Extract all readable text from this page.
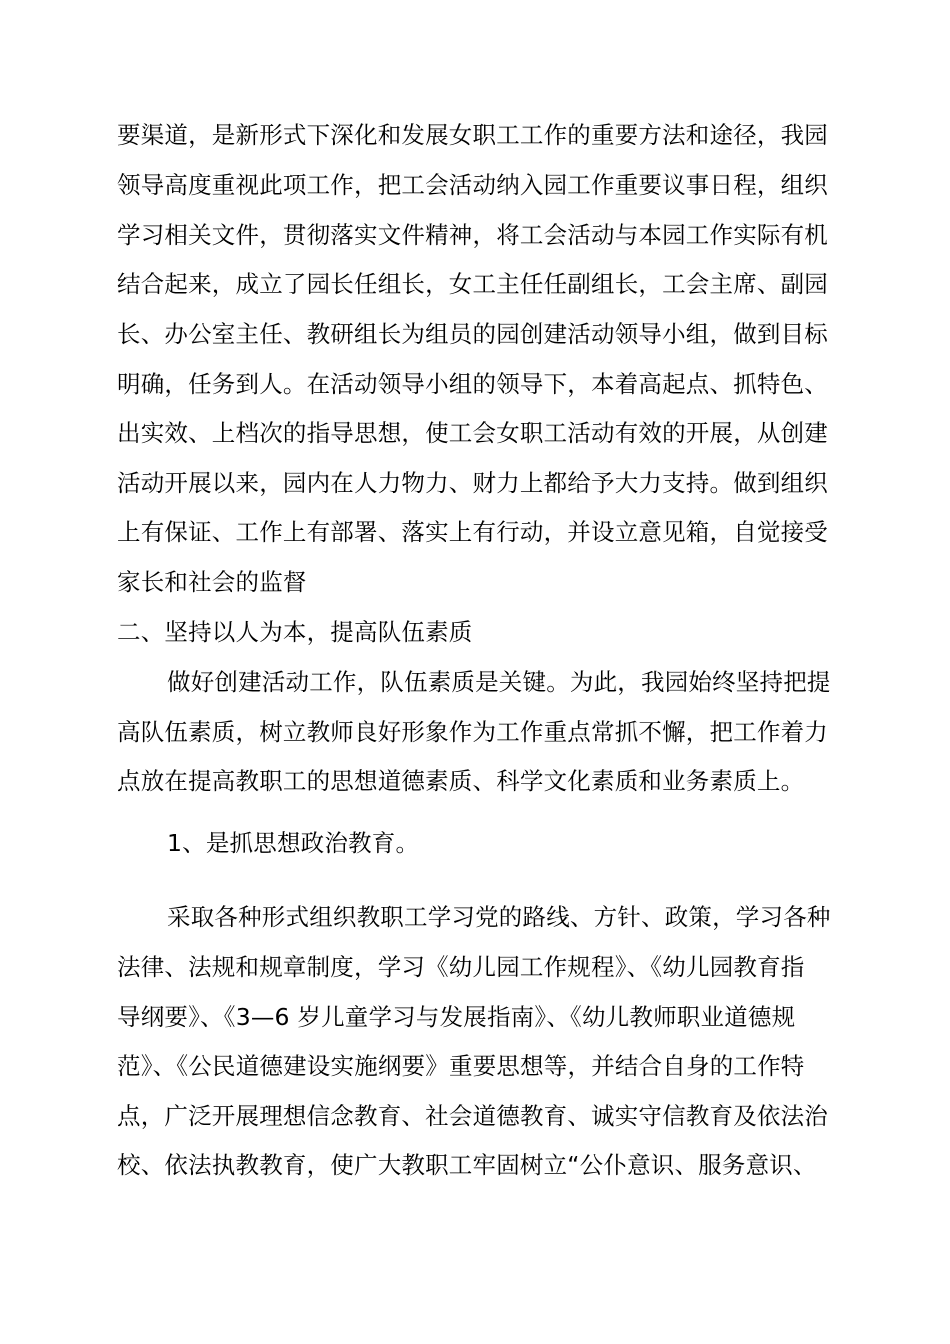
要渠道，是新形式下深化和发展女职工工作的重要方法和途径，我园
领导高度重视此项工作，把工会活动纳入园工作重要议事日程，组织
学习相关文件，贯彻落实文件精神，将工会活动与本园工作实际有机
结合起来，成立了园长任组长，女工主任任副组长，工会主席、副园
长、办公室主任、教研组长为组员的园创建活动领导小组，做到目标
明确，任务到人。在活动领导小组的领导下，本着高起点、抓特色、
出实效、上档次的指导思想，使工会女职工活动有效的开展，从创建
活动开展以来，园内在人力物力、财力上都给予大力支持。做到组织
上有保证、工作上有部署、落实上有行动，并设立意见箱，自觉接受
家长和社会的监督
二、坚持以人为本，提高队伍素质
做好创建活动工作，队伍素质是关键。为此，我园始终坚持把提
高队伍素质，树立教师良好形象作为工作重点常抓不懈，把工作着力
点放在提高教职工的思想道德素质、科学文化素质和业务素质上。
1、是抓思想政治教育。
采取各种形式组织教职工学习党的路线、方针、政策，学习各种
法律、法规和规章制度，学习《幼儿园工作规程》、《幼儿园教育指
导纲要》、《3—6 岁儿童学习与发展指南》、《幼儿教师职业道德规
范》、《公民道德建设实施纲要》重要思想等，并结合自身的工作特
点，广泛开展理想信念教育、社会道德教育、诚实守信教育及依法治
校、依法执教教育，使广大教职工牢固树立“公仆意识、服务意识、
